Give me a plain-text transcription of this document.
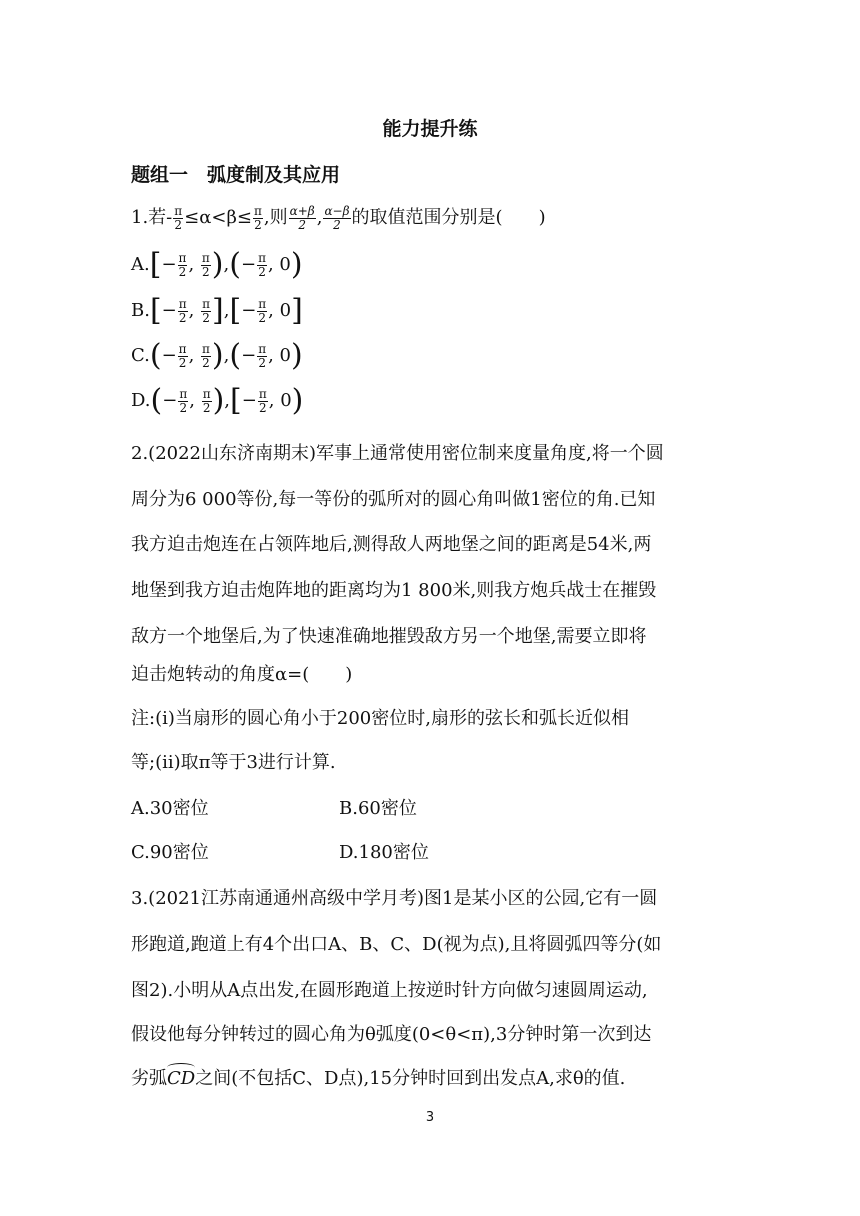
能力提升练
题组一　弧度制及其应用
1.若- $\frac{\pi}{2} \le\alpha<\beta\le \frac{\pi}{2}$ ,则 $\frac{\alpha+\beta}{2}$ , $\frac{\alpha-\beta}{2}$ 的取值范围分别是(　　)
$A.[- \frac{\pi}{2}$ , $\frac{\pi}{2}$ ),(− $\frac{\pi}{2}$ , 0)
$B.[- \frac{\pi}{2}$ , $\frac{\pi}{2}$ ],[− $\frac{\pi}{2}$ , 0]
$C.(- \frac{\pi}{2}$ , $\frac{\pi}{2}$ ),(− $\frac{\pi}{2}$ , 0)
$D.(- \frac{\pi}{2}$ , $\frac{\pi}{2}$ ),[− $\frac{\pi}{2}$ , 0)
2.(2022山东济南期末)军事上通常使用密位制来度量角度,将一个圆
周分为6 000等份,每一等份的弧所对的圆心角叫做1密位的角.已知
我方迫击炮连在占领阵地后,测得敌人两地堡之间的距离是54米,两
地堡到我方迫击炮阵地的距离均为1 800米,则我方炮兵战士在摧毁
敌方一个地堡后,为了快速准确地摧毁敌方另一个地堡,需要立即将
迫击炮转动的角度α=(　　)
注:(i)当扇形的圆心角小于200密位时,扇形的弦长和弧长近似相
等;(ii)取π等于3进行计算.
A.30密位	B.60密位
C.90密位	D.180密位
3.(2021江苏南通通州高级中学月考)图1是某小区的公园,它有一圆
形跑道,跑道上有4个出口A、B、C、D(视为点),且将圆弧四等分(如
图2).小明从A点出发,在圆形跑道上按逆时针方向做匀速圆周运动,
假设他每分钟转过的圆心角为θ弧度(0<θ<π),3分钟时第一次到达
劣弧CD之间(不包括C、D点),15分钟时回到出发点A,求θ的值.
3
